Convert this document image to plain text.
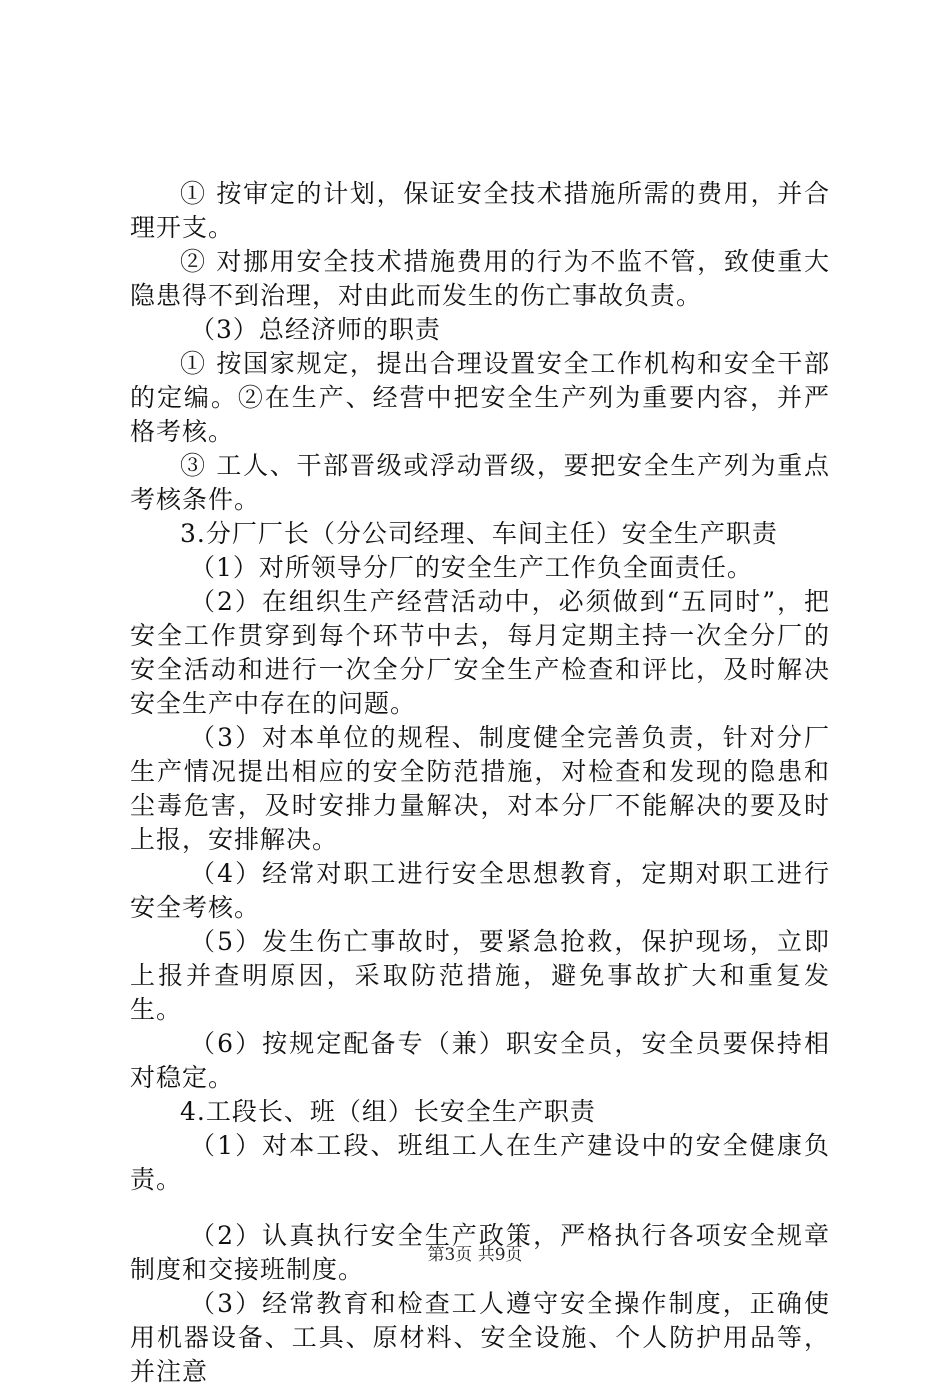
① 按审定的计划，保证安全技术措施所需的费用，并合理开支。

② 对挪用安全技术措施费用的行为不监不管，致使重大隐患得不到治理，对由此而发生的伤亡事故负责。

（3）总经济师的职责

① 按国家规定，提出合理设置安全工作机构和安全干部的定编。②在生产、经营中把安全生产列为重要内容，并严格考核。

③ 工人、干部晋级或浮动晋级，要把安全生产列为重点考核条件。

3.分厂厂长（分公司经理、车间主任）安全生产职责

（1）对所领导分厂的安全生产工作负全面责任。

（2）在组织生产经营活动中，必须做到“五同时”，把安全工作贯穿到每个环节中去，每月定期主持一次全分厂的安全活动和进行一次全分厂安全生产检查和评比，及时解决安全生产中存在的问题。

（3）对本单位的规程、制度健全完善负责，针对分厂生产情况提出相应的安全防范措施，对检查和发现的隐患和尘毒危害，及时安排力量解决，对本分厂不能解决的要及时上报，安排解决。

（4）经常对职工进行安全思想教育，定期对职工进行安全考核。

（5）发生伤亡事故时，要紧急抢救，保护现场，立即上报并查明原因，采取防范措施，避免事故扩大和重复发生。

（6）按规定配备专（兼）职安全员，安全员要保持相对稳定。

4.工段长、班（组）长安全生产职责

（1）对本工段、班组工人在生产建设中的安全健康负责。

（2）认真执行安全生产政策，严格执行各项安全规章制度和交接班制度。

（3）经常教育和检查工人遵守安全操作制度，正确使用机器设备、工具、原材料、安全设施、个人防护用品等，并注意

第3页 共9页
